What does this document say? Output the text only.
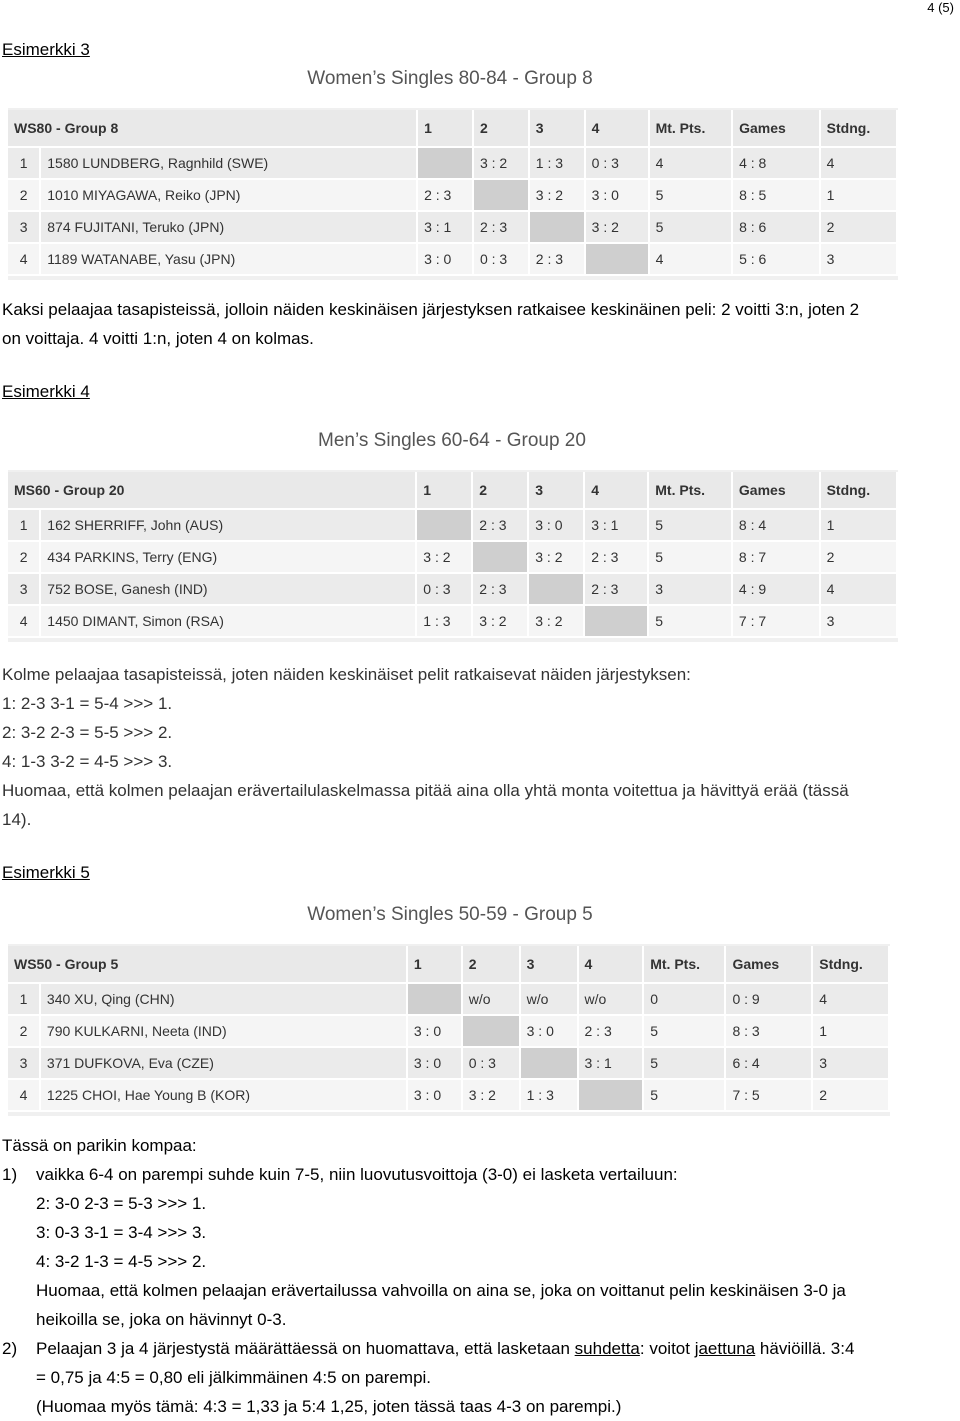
4 (5)
Esimerkki 3
Women’s Singles 80-84 - Group 8
WS80 - Group 8		1	2	3	4	Mt. Pts.	Games	Stdng.
1	1580 LUNDBERG, Ragnhild (SWE)		3 : 2	1 : 3	0 : 3	4	4 : 8	4
2	1010 MIYAGAWA, Reiko (JPN)	2 : 3		3 : 2	3 : 0	5	8 : 5	1
3	874 FUJITANI, Teruko (JPN)	3 : 1	2 : 3		3 : 2	5	8 : 6	2
4	1189 WATANABE, Yasu (JPN)	3 : 0	0 : 3	2 : 3		4	5 : 6	3
Kaksi pelaajaa tasapisteissä, jolloin näiden keskinäisen järjestyksen ratkaisee keskinäinen peli: 2 voitti 3:n, joten 2
on voittaja. 4 voitti 1:n, joten 4 on kolmas.
Esimerkki 4
Men’s Singles 60-64 - Group 20
MS60 - Group 20		1	2	3	4	Mt. Pts.	Games	Stdng.
1	162 SHERRIFF, John (AUS)		2 : 3	3 : 0	3 : 1	5	8 : 4	1
2	434 PARKINS, Terry (ENG)	3 : 2		3 : 2	2 : 3	5	8 : 7	2
3	752 BOSE, Ganesh (IND)	0 : 3	2 : 3		2 : 3	3	4 : 9	4
4	1450 DIMANT, Simon (RSA)	1 : 3	3 : 2	3 : 2		5	7 : 7	3
Kolme pelaajaa tasapisteissä, joten näiden keskinäiset pelit ratkaisevat näiden järjestyksen:
1: 2-3 3-1 = 5-4 >>> 1.
2: 3-2 2-3 = 5-5 >>> 2.
4: 1-3 3-2 = 4-5 >>> 3.
Huomaa, että kolmen pelaajan erävertailulaskelmassa pitää aina olla yhtä monta voitettua ja hävittyä erää (tässä
14).
Esimerkki 5
Women’s Singles 50-59 - Group 5
WS50 - Group 5		1	2	3	4	Mt. Pts.	Games	Stdng.
1	340 XU, Qing (CHN)		w/o	w/o	w/o	0	0 : 9	4
2	790 KULKARNI, Neeta (IND)	3 : 0		3 : 0	2 : 3	5	8 : 3	1
3	371 DUFKOVA, Eva (CZE)	3 : 0	0 : 3		3 : 1	5	6 : 4	3
4	1225 CHOI, Hae Young B (KOR)	3 : 0	3 : 2	1 : 3		5	7 : 5	2
Tässä on parikin kompaa:
1) vaikka 6-4 on parempi suhde kuin 7-5, niin luovutusvoittoja (3-0) ei lasketa vertailuun:
2: 3-0 2-3 = 5-3 >>> 1.
3: 0-3 3-1 = 3-4 >>> 3.
4: 3-2 1-3 = 4-5 >>> 2.
Huomaa, että kolmen pelaajan erävertailussa vahvoilla on aina se, joka on voittanut pelin keskinäisen 3-0 ja
heikoilla se, joka on hävinnyt 0-3.
2) Pelaajan 3 ja 4 järjestystä määrättäessä on huomattava, että lasketaan suhdetta: voitot jaettuna häviöillä. 3:4
= 0,75 ja 4:5 = 0,80 eli jälkimmäinen 4:5 on parempi.
(Huomaa myös tämä: 4:3 = 1,33 ja 5:4 1,25, joten tässä taas 4-3 on parempi.)
